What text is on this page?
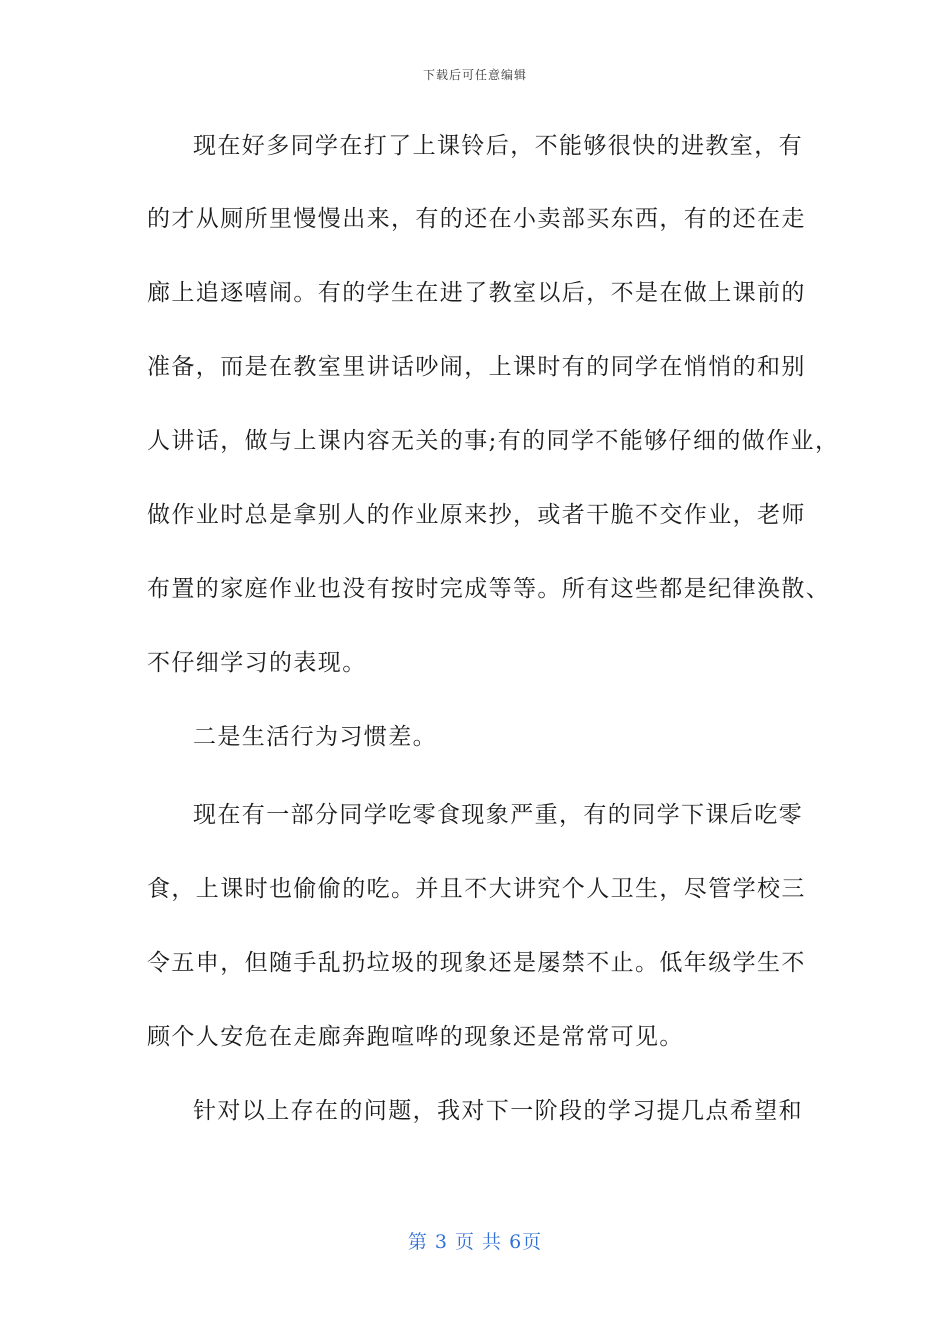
下载后可任意编辑
现在好多同学在打了上课铃后，不能够很快的进教室，有
的才从厕所里慢慢出来，有的还在小卖部买东西，有的还在走
廊上追逐嘻闹。有的学生在进了教室以后，不是在做上课前的
准备，而是在教室里讲话吵闹，上课时有的同学在悄悄的和别
人讲话，做与上课内容无关的事;有的同学不能够仔细的做作业，
做作业时总是拿别人的作业原来抄，或者干脆不交作业，老师
布置的家庭作业也没有按时完成等等。所有这些都是纪律涣散、
不仔细学习的表现。
二是生活行为习惯差。
现在有一部分同学吃零食现象严重，有的同学下课后吃零
食，上课时也偷偷的吃。并且不大讲究个人卫生，尽管学校三
令五申，但随手乱扔垃圾的现象还是屡禁不止。低年级学生不
顾个人安危在走廊奔跑喧哗的现象还是常常可见。
针对以上存在的问题，我对下一阶段的学习提几点希望和
第 3 页 共 6页
